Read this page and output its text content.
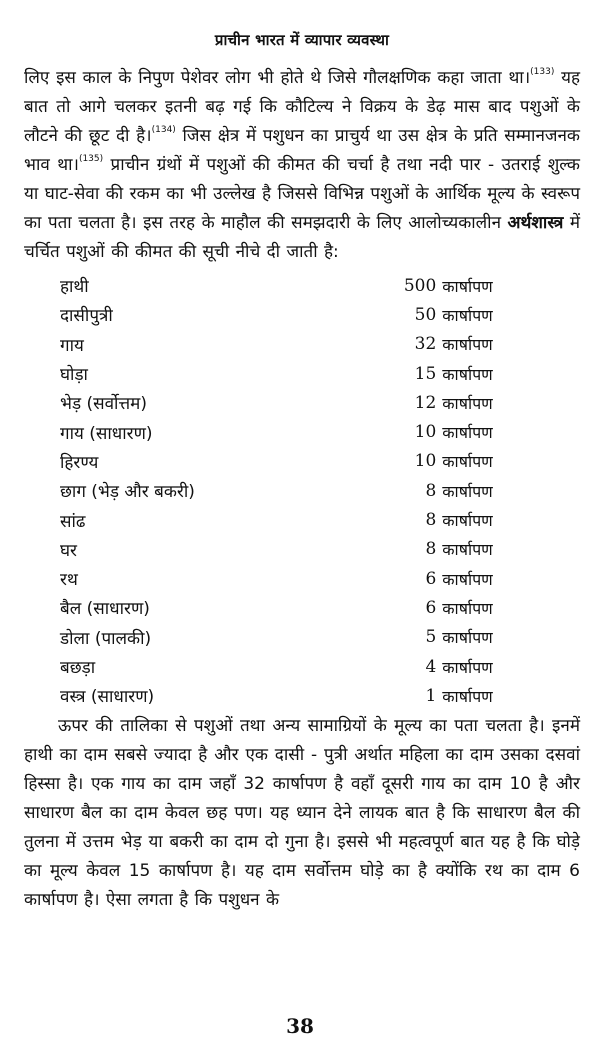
प्राचीन भारत में व्यापार व्यवस्था

लिए इस काल के निपुण पेशेवर लोग भी होते थे जिसे गौलक्षणिक कहा जाता था।$^{(133)}$ यह बात तो आगे चलकर इतनी बढ़ गई कि कौटिल्य ने विक्रय के डेढ़ मास बाद पशुओं के लौटने की छूट दी है।$^{(134)}$ जिस क्षेत्र में पशुधन का प्राचुर्य था उस क्षेत्र के प्रति सम्मानजनक भाव था।$^{(135)}$ प्राचीन ग्रंथों में पशुओं की कीमत की चर्चा है तथा नदी पार - उतराई शुल्क या घाट-सेवा की रकम का भी उल्लेख है जिससे विभिन्न पशुओं के आर्थिक मूल्य के स्वरूप का पता चलता है। इस तरह के माहौल की समझदारी के लिए आलोच्यकालीन अर्थशास्त्र में चर्चित पशुओं की कीमत की सूची नीचे दी जाती है:

हाथी	500 कार्षापण
दासीपुत्री	50 कार्षापण
गाय	32 कार्षापण
घोड़ा	15 कार्षापण
भेड़ (सर्वोत्तम)	12 कार्षापण
गाय (साधारण)	10 कार्षापण
हिरण्य	10 कार्षापण
छाग (भेड़ और बकरी)	8 कार्षापण
सांढ	8 कार्षापण
घर	8 कार्षापण
रथ	6 कार्षापण
बैल (साधारण)	6 कार्षापण
डोला (पालकी)	5 कार्षापण
बछड़ा	4 कार्षापण
वस्त्र (साधारण)	1 कार्षापण

ऊपर की तालिका से पशुओं तथा अन्य सामाग्रियों के मूल्य का पता चलता है। इनमें हाथी का दाम सबसे ज्यादा है और एक दासी - पुत्री अर्थात महिला का दाम उसका दसवां हिस्सा है। एक गाय का दाम जहाँ 32 कार्षापण है वहाँ दूसरी गाय का दाम 10 है और साधारण बैल का दाम केवल छह पण। यह ध्यान देने लायक बात है कि साधारण बैल की तुलना में उत्तम भेड़ या बकरी का दाम दो गुना है। इससे भी महत्वपूर्ण बात यह है कि घोड़े का मूल्य केवल 15 कार्षापण है। यह दाम सर्वोत्तम घोड़े का है क्योंकि रथ का दाम 6 कार्षापण है। ऐसा लगता है कि पशुधन के

38
